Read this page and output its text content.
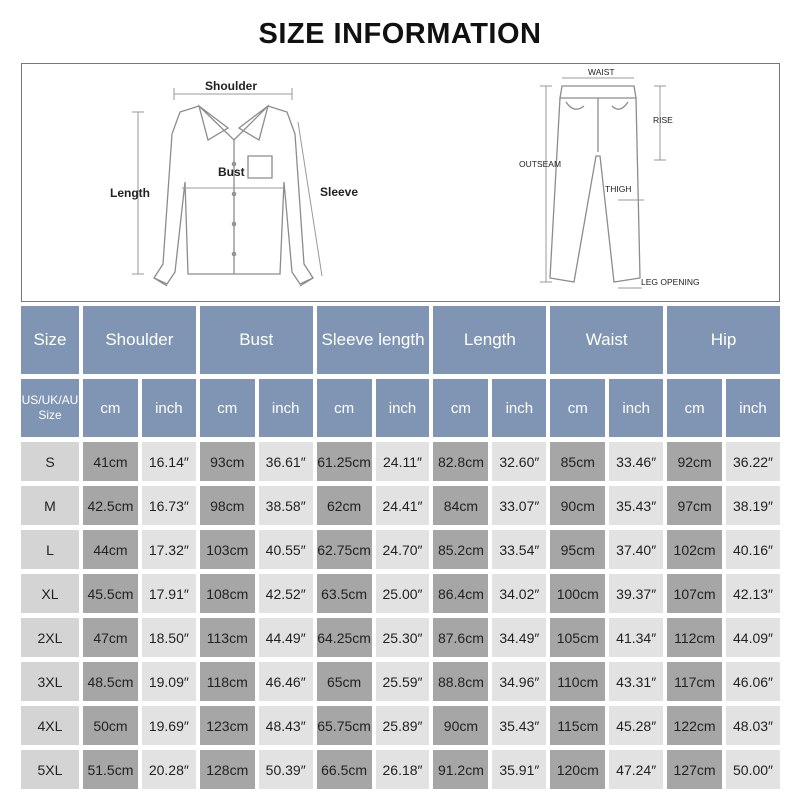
SIZE INFORMATION
Shoulder
Bust
Length	Sleeve
WAIST
RISE
OUTSEAM
THIGH
LEG OPENING
Size	Shoulder		Bust		Sleeve length		Length		Waist		Hip	
US/UK/AU
Size	cm	inch	cm	inch	cm	inch	cm	inch	cm	inch	cm	inch
S	41cm	16.14″	93cm	36.61″	61.25cm	24.11″	82.8cm	32.60″	85cm	33.46″	92cm	36.22″
M	42.5cm	16.73″	98cm	38.58″	62cm	24.41″	84cm	33.07″	90cm	35.43″	97cm	38.19″
L	44cm	17.32″	103cm	40.55″	62.75cm	24.70″	85.2cm	33.54″	95cm	37.40″	102cm	40.16″
XL	45.5cm	17.91″	108cm	42.52″	63.5cm	25.00″	86.4cm	34.02″	100cm	39.37″	107cm	42.13″
2XL	47cm	18.50″	113cm	44.49″	64.25cm	25.30″	87.6cm	34.49″	105cm	41.34″	112cm	44.09″
3XL	48.5cm	19.09″	118cm	46.46″	65cm	25.59″	88.8cm	34.96″	110cm	43.31″	117cm	46.06″
4XL	50cm	19.69″	123cm	48.43″	65.75cm	25.89″	90cm	35.43″	115cm	45.28″	122cm	48.03″
5XL	51.5cm	20.28″	128cm	50.39″	66.5cm	26.18″	91.2cm	35.91″	120cm	47.24″	127cm	50.00″
